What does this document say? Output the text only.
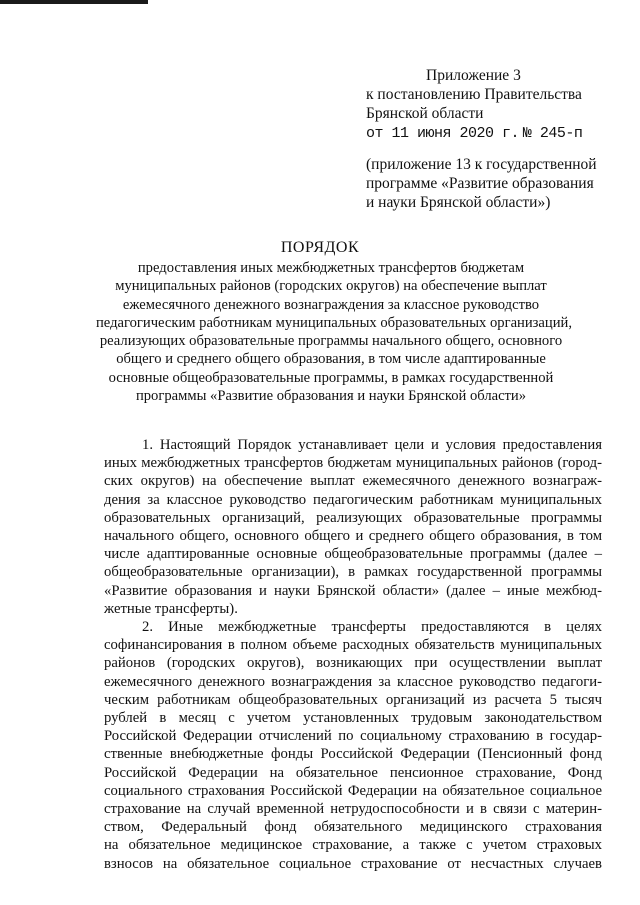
Приложение 3
к постановлению Правительства
Брянской области
от 11 июня 2020 г. № 245-п
(приложение 13 к государственной
программе «Развитие образования
и науки Брянской области»)
ПОРЯДОК
предоставления иных межбюджетных трансфертов бюджетам
муниципальных районов (городских округов) на обеспечение выплат
ежемесячного денежного вознаграждения за классное руководство
педагогическим работникам муниципальных образовательных организаций,
реализующих образовательные программы начального общего, основного
общего и среднего общего образования, в том числе адаптированные
основные общеобразовательные программы, в рамках государственной
программы «Развитие образования и науки Брянской области»
1. Настоящий Порядок устанавливает цели и условия предоставления
иных межбюджетных трансфертов бюджетам муниципальных районов (город-
ских округов) на обеспечение выплат ежемесячного денежного вознаграж-
дения за классное руководство педагогическим работникам муниципальных
образовательных организаций, реализующих образовательные программы
начального общего, основного общего и среднего общего образования, в том
числе адаптированные основные общеобразовательные программы (далее –
общеобразовательные организации), в рамках государственной программы
«Развитие образования и науки Брянской области» (далее – иные межбюд-
жетные трансферты).
2. Иные межбюджетные трансферты предоставляются в целях
софинансирования в полном объеме расходных обязательств муниципальных
районов (городских округов), возникающих при осуществлении выплат
ежемесячного денежного вознаграждения за классное руководство педагоги-
ческим работникам общеобразовательных организаций из расчета 5 тысяч
рублей в месяц с учетом установленных трудовым законодательством
Российской Федерации отчислений по социальному страхованию в государ-
ственные внебюджетные фонды Российской Федерации (Пенсионный фонд
Российской Федерации на обязательное пенсионное страхование, Фонд
социального страхования Российской Федерации на обязательное социальное
страхование на случай временной нетрудоспособности и в связи с материн-
ством, Федеральный фонд обязательного медицинского страхования
на обязательное медицинское страхование, а также с учетом страховых
взносов на обязательное социальное страхование от несчастных случаев
